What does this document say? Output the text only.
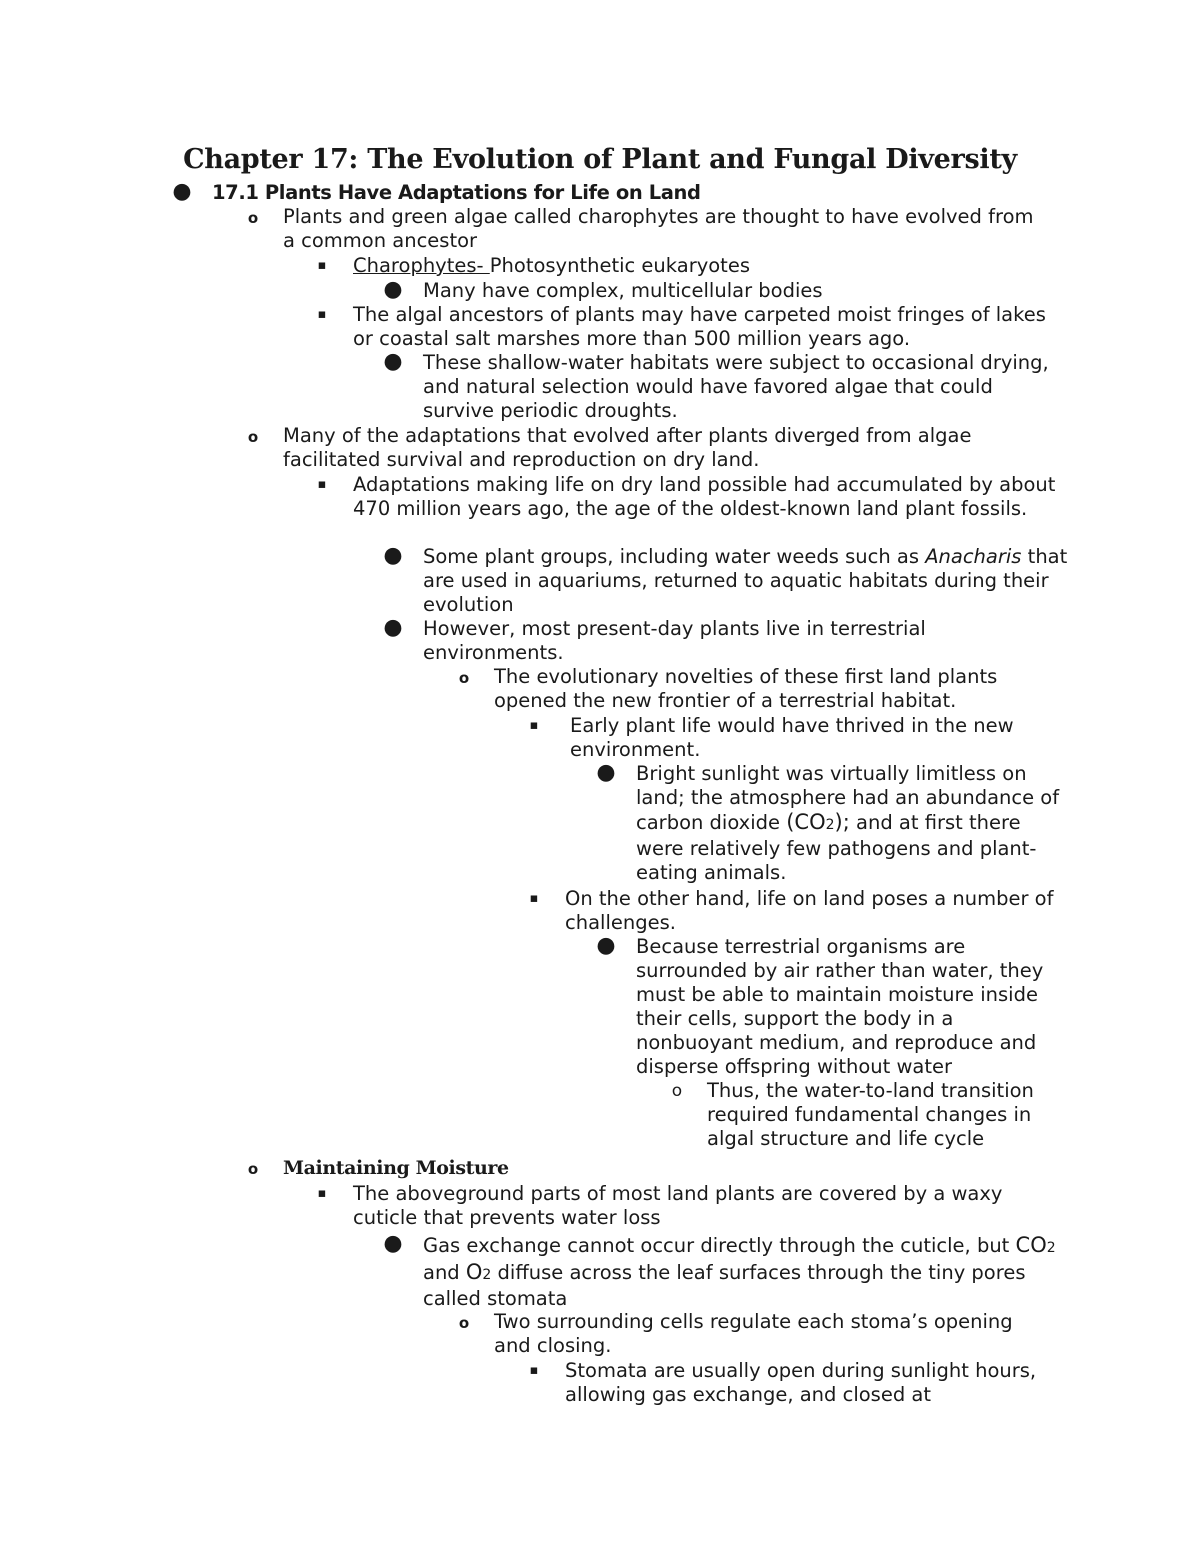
Chapter 17: The Evolution of Plant and Fungal Diversity
● 17.1 Plants Have Adaptations for Life on Land
o Plants and green algae called charophytes are thought to have evolved from a common ancestor
▪ Charophytes- Photosynthetic eukaryotes
● Many have complex, multicellular bodies
▪ The algal ancestors of plants may have carpeted moist fringes of lakes or coastal salt marshes more than 500 million years ago.
● These shallow-water habitats were subject to occasional drying, and natural selection would have favored algae that could survive periodic droughts.
o Many of the adaptations that evolved after plants diverged from algae facilitated survival and reproduction on dry land.
▪ Adaptations making life on dry land possible had accumulated by about 470 million years ago, the age of the oldest-known land plant fossils.
● Some plant groups, including water weeds such as Anacharis that are used in aquariums, returned to aquatic habitats during their evolution
● However, most present-day plants live in terrestrial environments.
o The evolutionary novelties of these first land plants opened the new frontier of a terrestrial habitat.
▪ Early plant life would have thrived in the new environment.
● Bright sunlight was virtually limitless on land; the atmosphere had an abundance of carbon dioxide (CO2); and at first there were relatively few pathogens and plant-eating animals.
▪ On the other hand, life on land poses a number of challenges.
● Because terrestrial organisms are surrounded by air rather than water, they must be able to maintain moisture inside their cells, support the body in a nonbuoyant medium, and reproduce and disperse offspring without water
o Thus, the water-to-land transition required fundamental changes in algal structure and life cycle
o Maintaining Moisture
▪ The aboveground parts of most land plants are covered by a waxy cuticle that prevents water loss
● Gas exchange cannot occur directly through the cuticle, but CO2 and O2 diffuse across the leaf surfaces through the tiny pores called stomata
o Two surrounding cells regulate each stoma’s opening and closing.
▪ Stomata are usually open during sunlight hours, allowing gas exchange, and closed at
